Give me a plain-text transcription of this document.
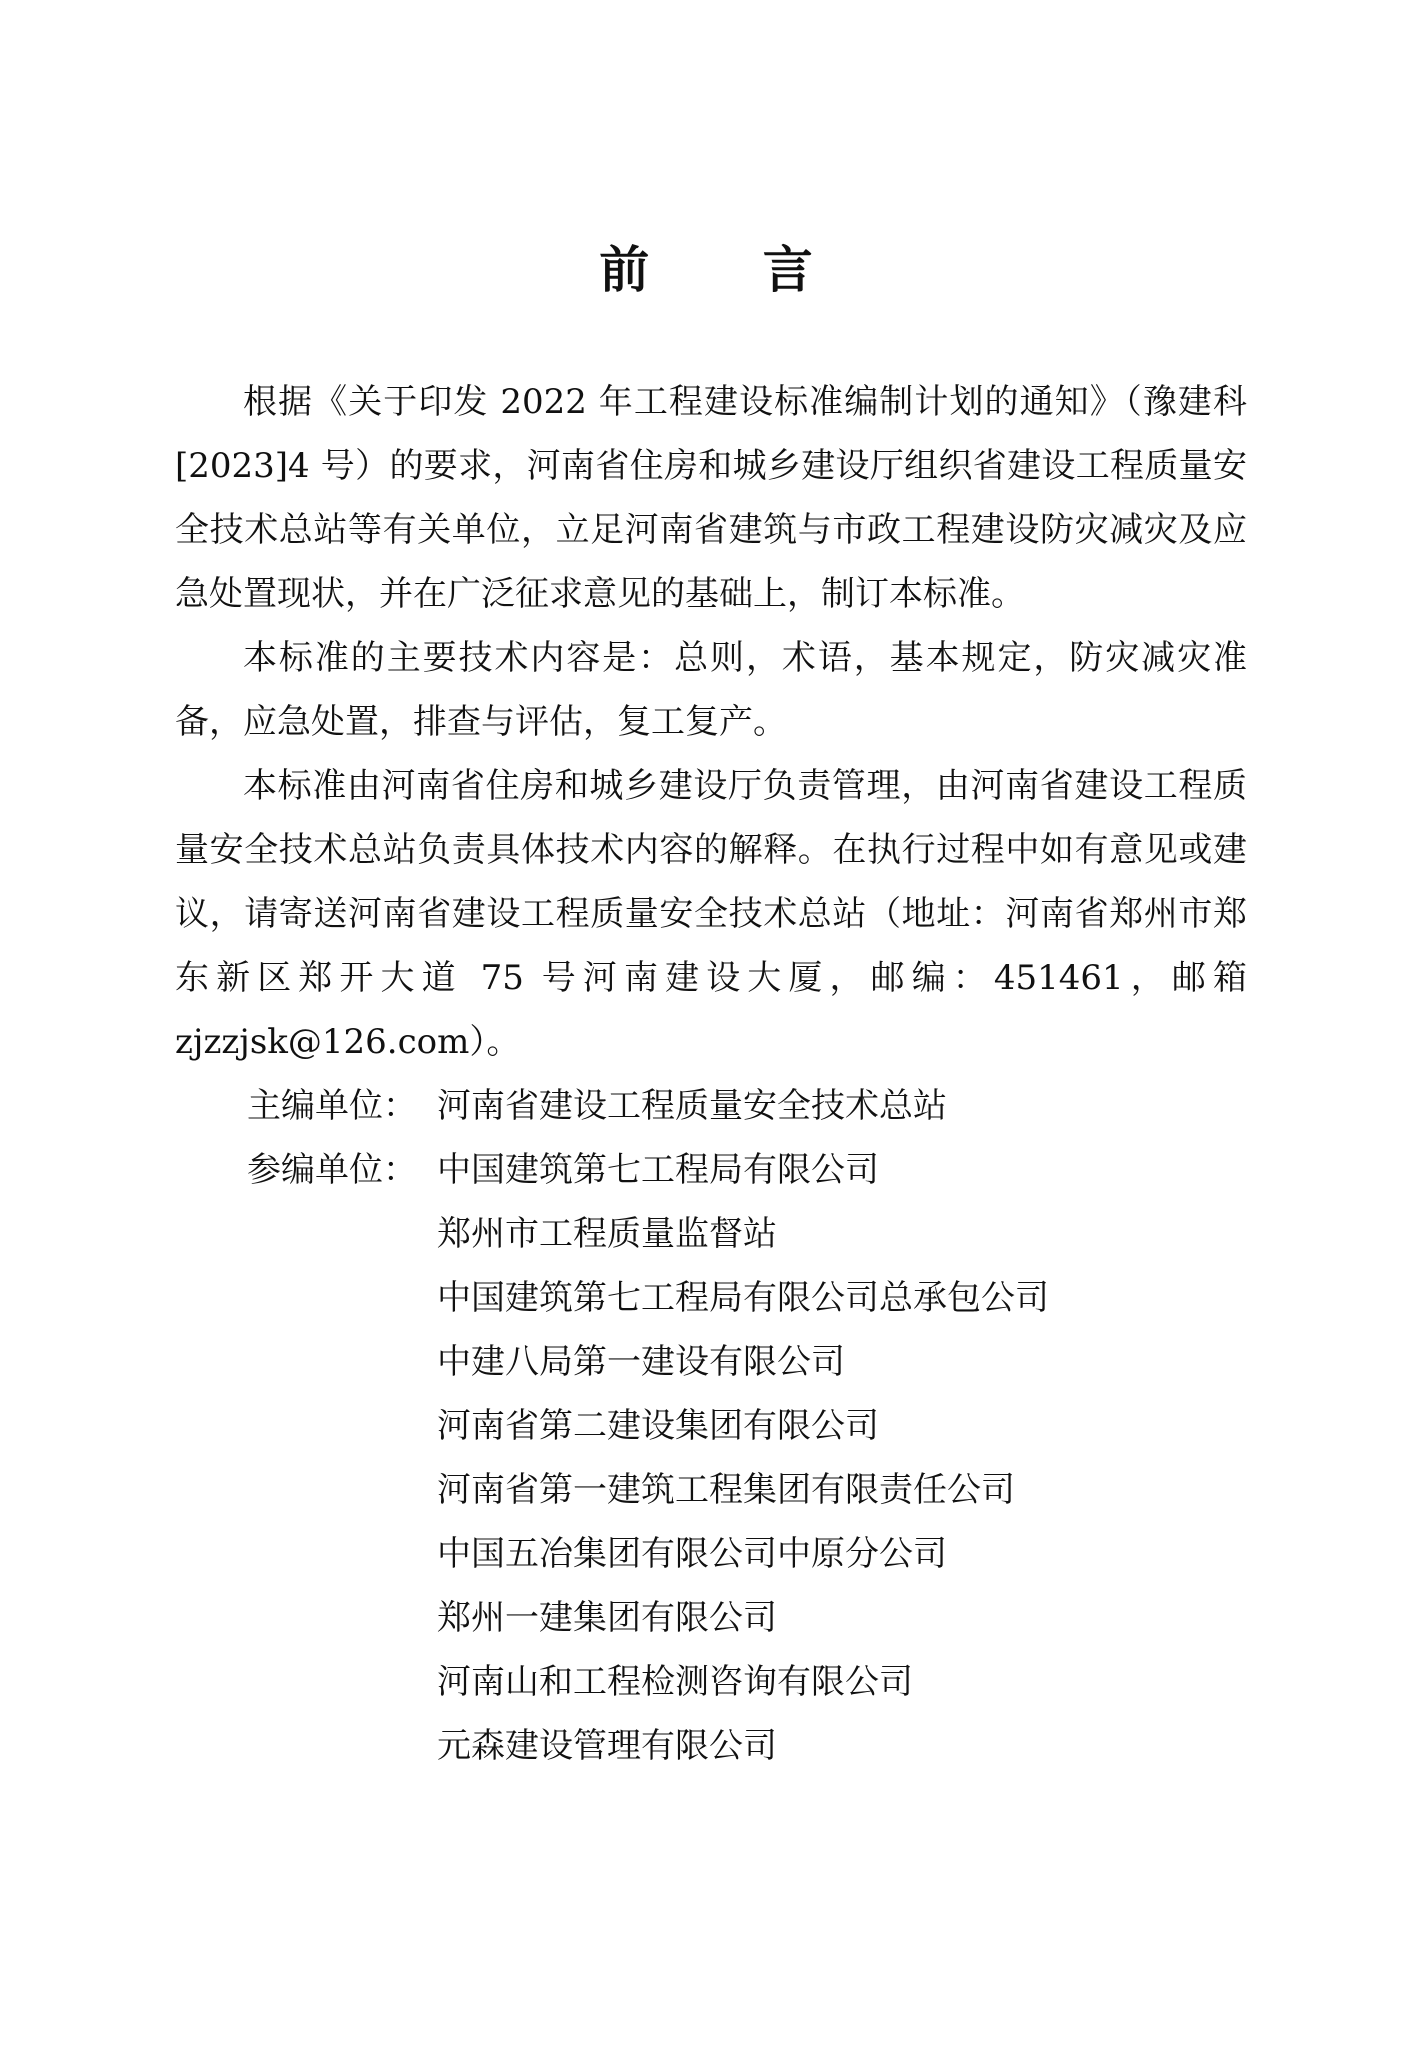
前 言

根据《关于印发 2022 年工程建设标准编制计划的通知》（豫建科 [2023]4 号）的要求，河南省住房和城乡建设厅组织省建设工程质量安全技术总站等有关单位，立足河南省建筑与市政工程建设防灾减灾及应急处置现状，并在广泛征求意见的基础上，制订本标准。

本标准的主要技术内容是：总则，术语，基本规定，防灾减灾准备，应急处置，排查与评估，复工复产。

本标准由河南省住房和城乡建设厅负责管理，由河南省建设工程质量安全技术总站负责具体技术内容的解释。在执行过程中如有意见或建议，请寄送河南省建设工程质量安全技术总站（地址：河南省郑州市郑东新区郑开大道 75 号河南建设大厦，邮编：451461，邮箱 zjzzjsk@126.com）。

主编单位： 河南省建设工程质量安全技术总站
参编单位： 中国建筑第七工程局有限公司
郑州市工程质量监督站
中国建筑第七工程局有限公司总承包公司
中建八局第一建设有限公司
河南省第二建设集团有限公司
河南省第一建筑工程集团有限责任公司
中国五冶集团有限公司中原分公司
郑州一建集团有限公司
河南山和工程检测咨询有限公司
元森建设管理有限公司
